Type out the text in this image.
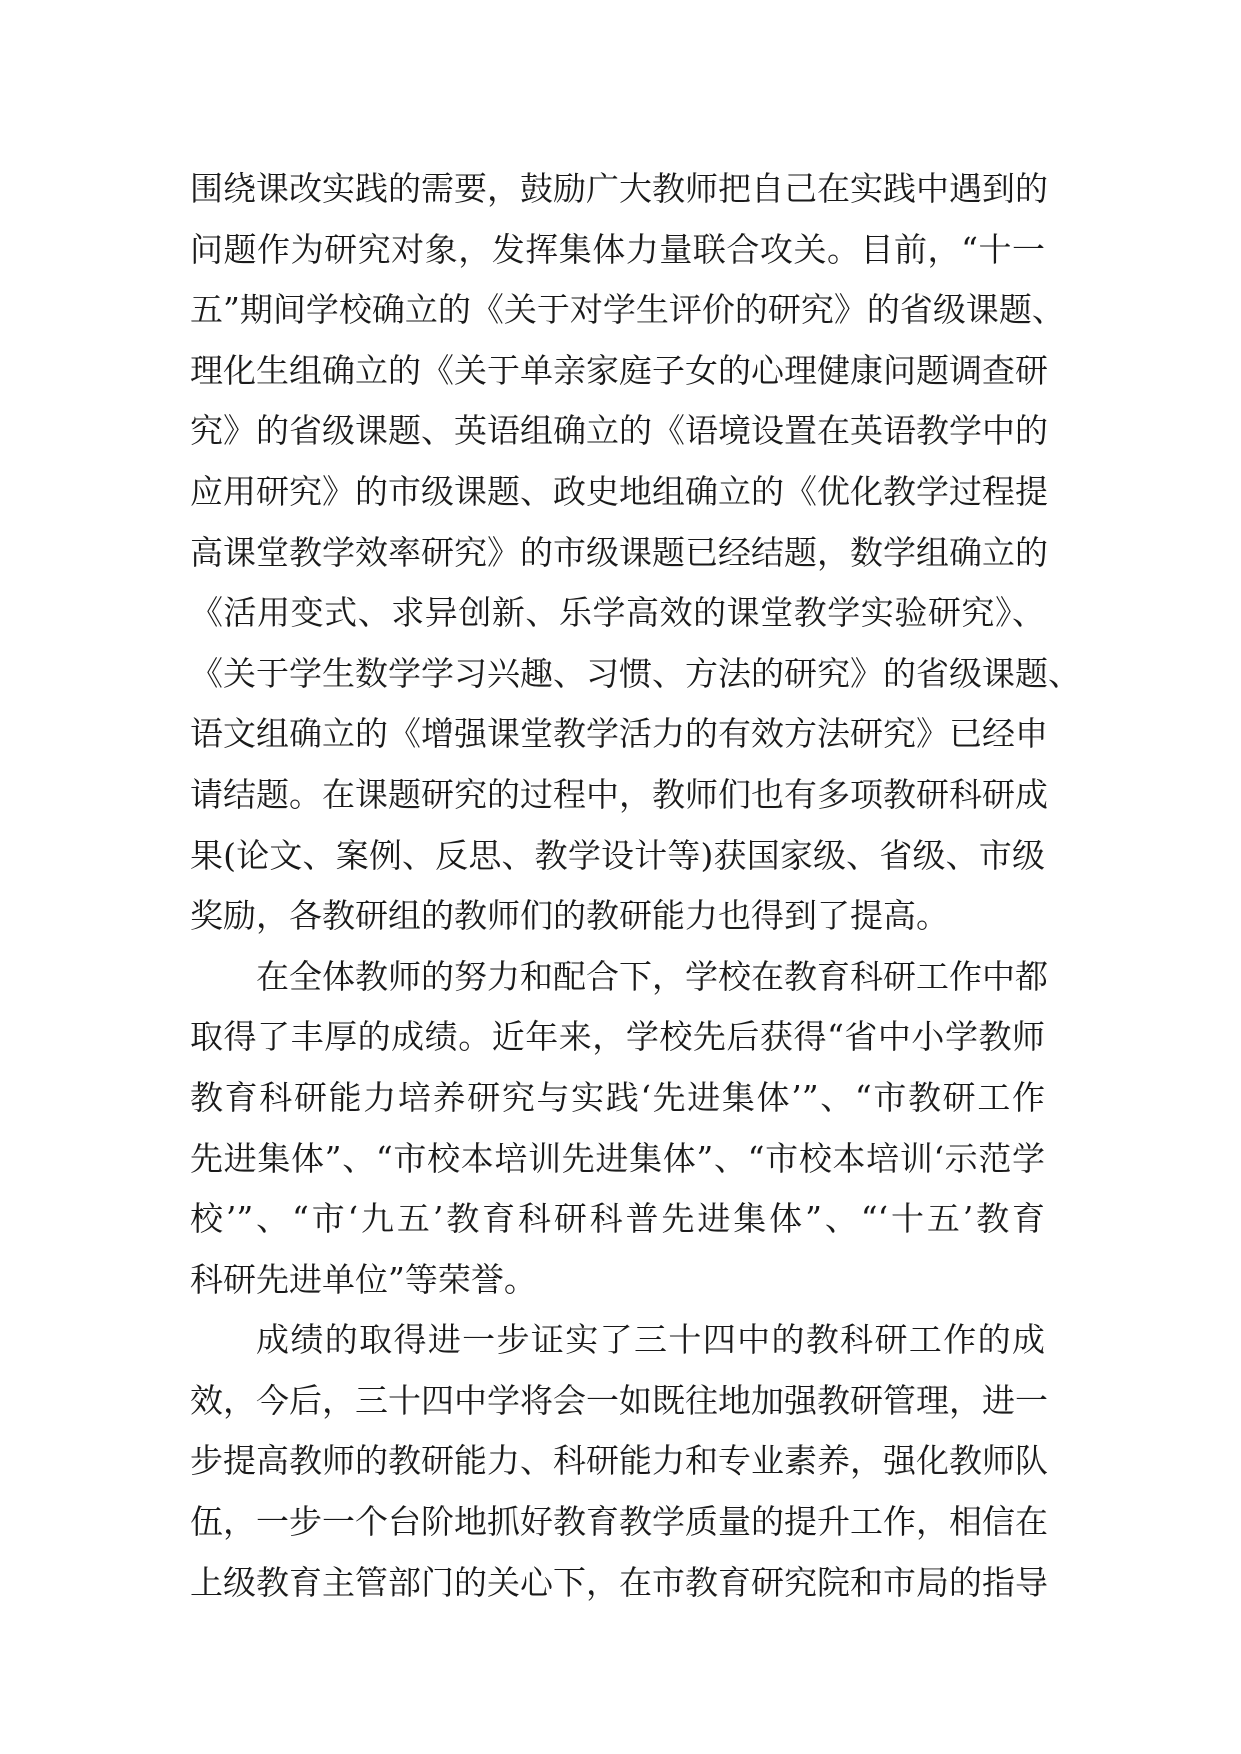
围绕课改实践的需要，鼓励广大教师把自己在实践中遇到的
问题作为研究对象，发挥集体力量联合攻关。目前，“十一
五”期间学校确立的《关于对学生评价的研究》的省级课题、
理化生组确立的《关于单亲家庭子女的心理健康问题调查研
究》的省级课题、英语组确立的《语境设置在英语教学中的
应用研究》的市级课题、政史地组确立的《优化教学过程提
高课堂教学效率研究》的市级课题已经结题，数学组确立的
《活用变式、求异创新、乐学高效的课堂教学实验研究》、
《关于学生数学学习兴趣、习惯、方法的研究》的省级课题、
语文组确立的《增强课堂教学活力的有效方法研究》已经申
请结题。在课题研究的过程中，教师们也有多项教研科研成
果(论文、案例、反思、教学设计等)获国家级、省级、市级
奖励，各教研组的教师们的教研能力也得到了提高。
在全体教师的努力和配合下，学校在教育科研工作中都
取得了丰厚的成绩。近年来，学校先后获得“省中小学教师
教育科研能力培养研究与实践‘先进集体’”、“市教研工作
先进集体”、“市校本培训先进集体”、“市校本培训‘示范学
校’”、“市‘九五’教育科研科普先进集体”、“‘十五’教育
科研先进单位”等荣誉。
成绩的取得进一步证实了三十四中的教科研工作的成
效，今后，三十四中学将会一如既往地加强教研管理，进一
步提高教师的教研能力、科研能力和专业素养，强化教师队
伍，一步一个台阶地抓好教育教学质量的提升工作，相信在
上级教育主管部门的关心下，在市教育研究院和市局的指导
